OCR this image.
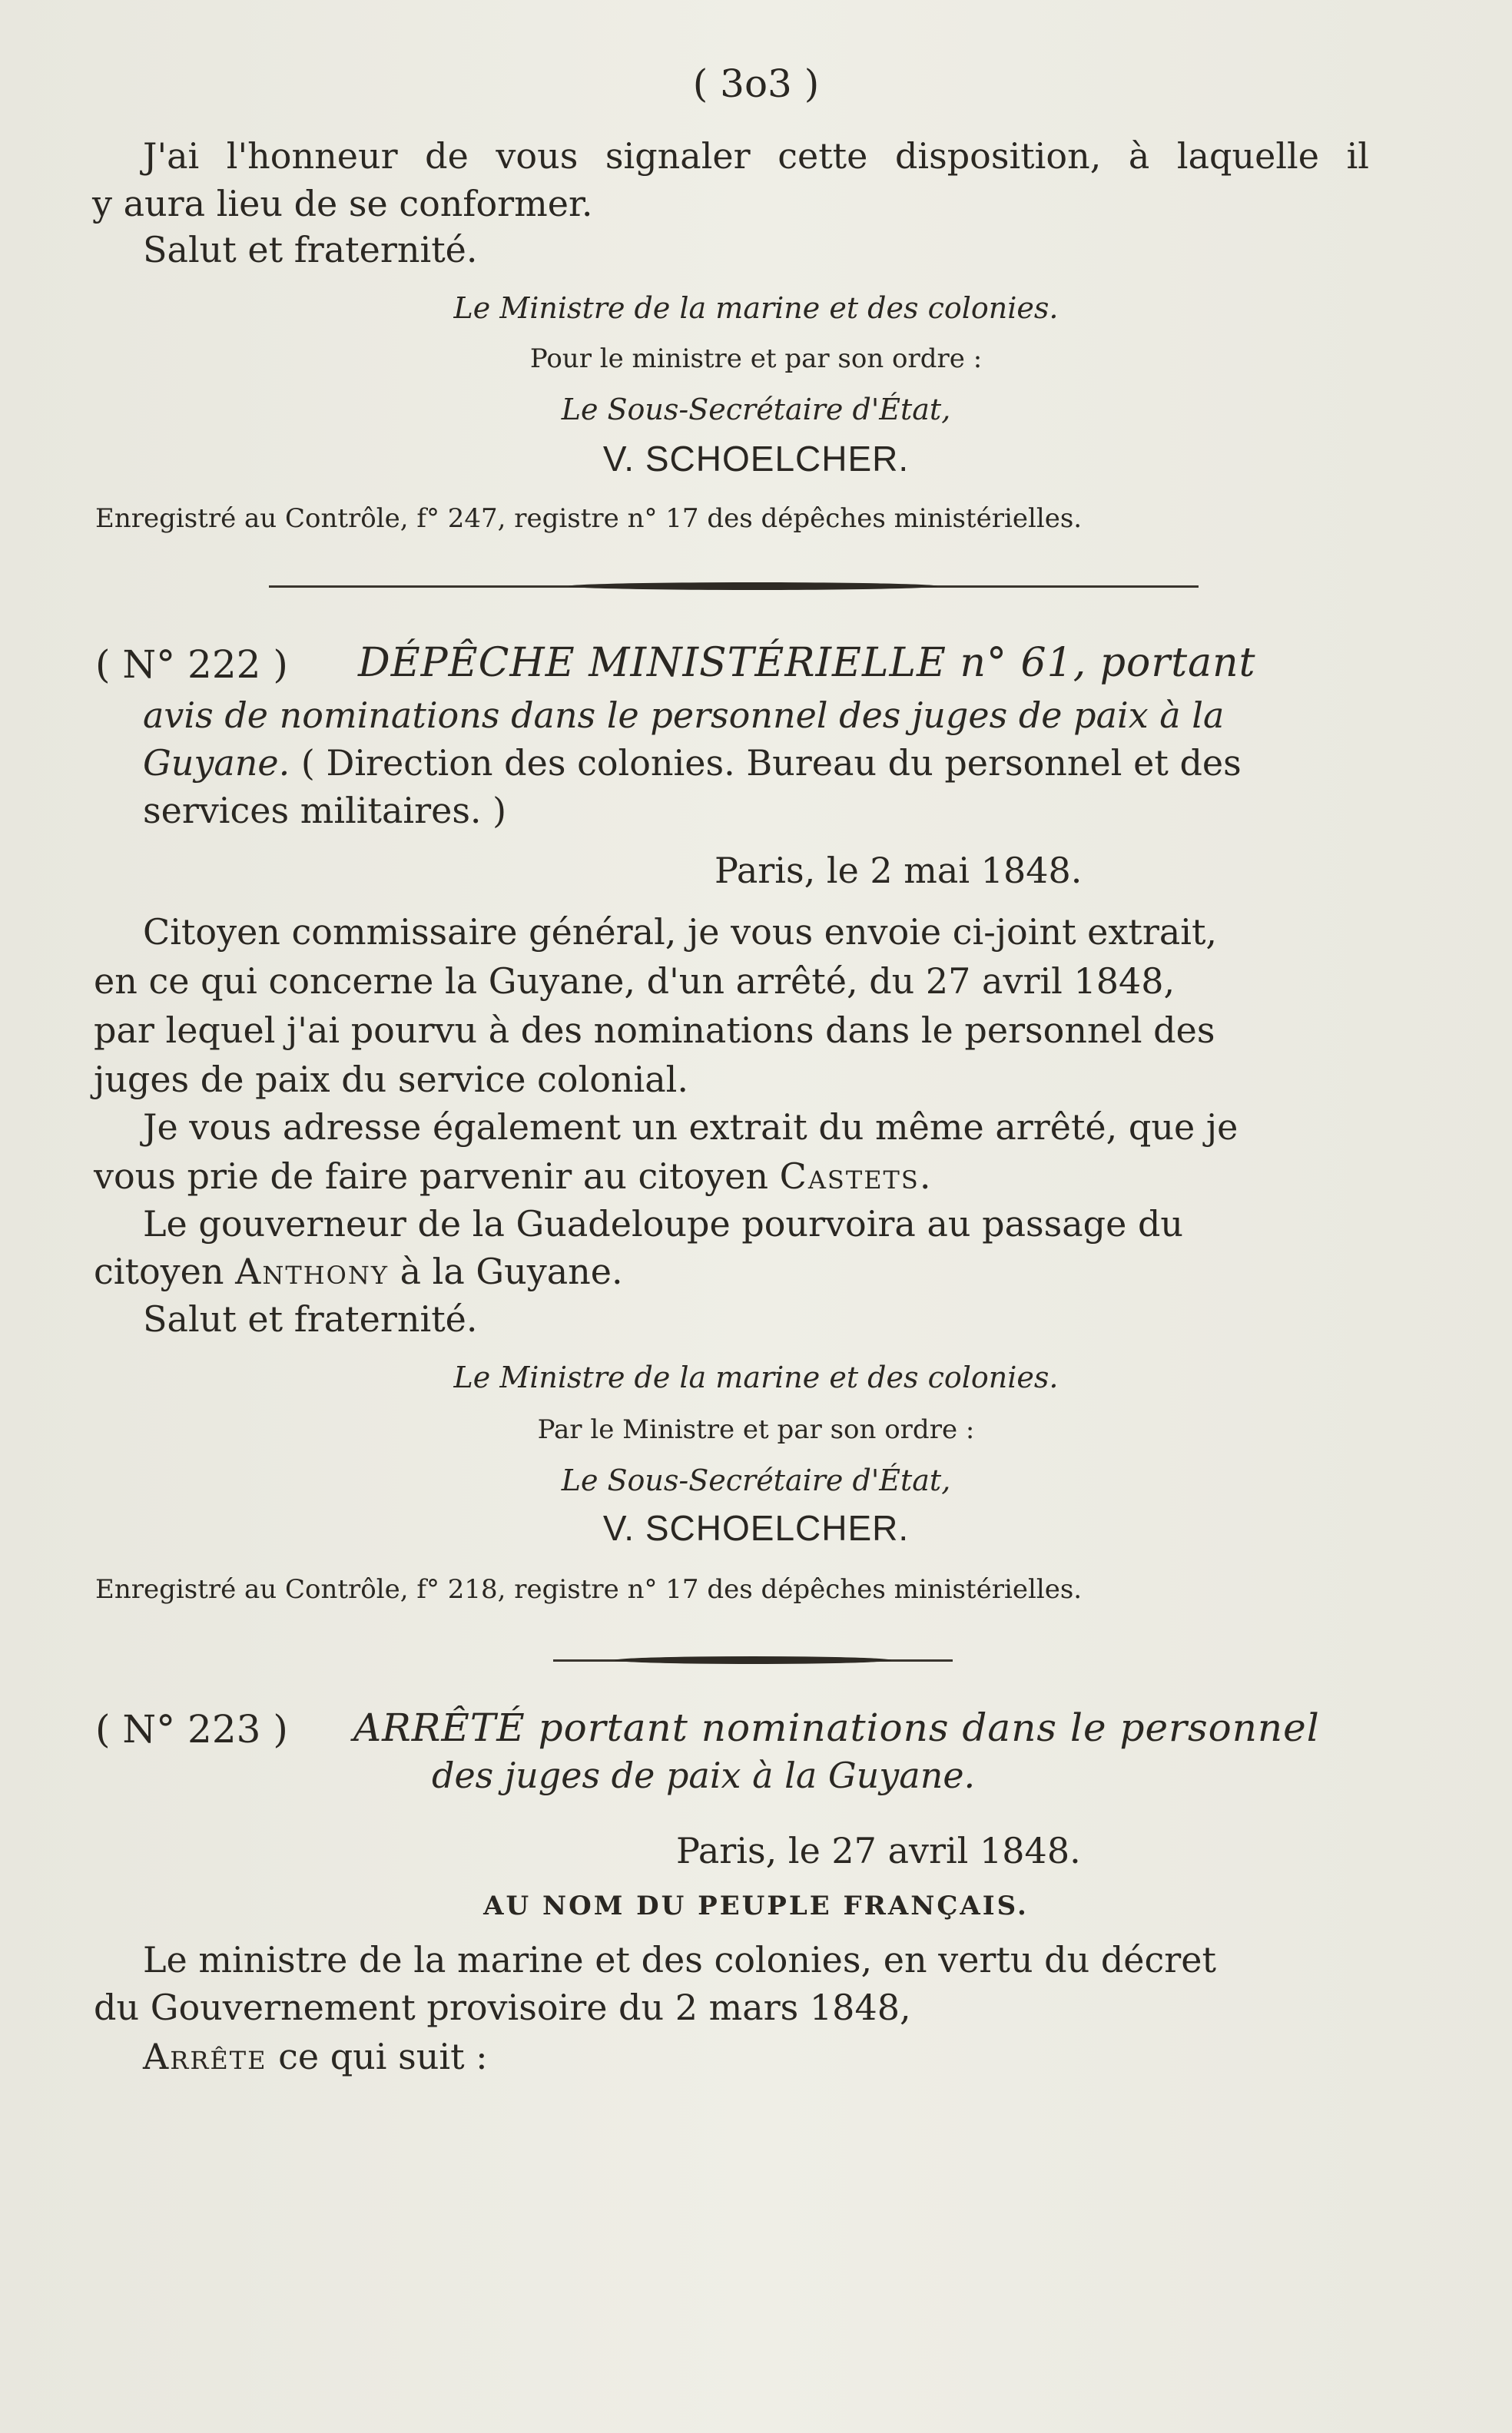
( 3o3 )
J'ai l'honneur de vous signaler cette disposition, à laquelle il
y aura lieu de se conformer.
Salut et fraternité.
Le Ministre de la marine et des colonies.
Pour le ministre et par son ordre :
Le Sous-Secrétaire d'État,
V. SCHOELCHER.
Enregistré au Contrôle, f° 247, registre n° 17 des dépêches ministérielles.
( N° 222 ) DÉPÊCHE MINISTÉRIELLE n° 61, portant
avis de nominations dans le personnel des juges de paix à la
Guyane. ( Direction des colonies. Bureau du personnel et des
services militaires. )
Paris, le 2 mai 1848.
Citoyen commissaire général, je vous envoie ci-joint extrait,
en ce qui concerne la Guyane, d'un arrêté, du 27 avril 1848,
par lequel j'ai pourvu à des nominations dans le personnel des
juges de paix du service colonial.
Je vous adresse également un extrait du même arrêté, que je
vous prie de faire parvenir au citoyen Castets.
Le gouverneur de la Guadeloupe pourvoira au passage du
citoyen Anthony à la Guyane.
Salut et fraternité.
Le Ministre de la marine et des colonies.
Par le Ministre et par son ordre :
Le Sous-Secrétaire d'État,
V. SCHOELCHER.
Enregistré au Contrôle, f° 218, registre n° 17 des dépêches ministérielles.
( N° 223 ) ARRÊTÉ portant nominations dans le personnel
des juges de paix à la Guyane.
Paris, le 27 avril 1848.
AU NOM DU PEUPLE FRANÇAIS.
Le ministre de la marine et des colonies, en vertu du décret
du Gouvernement provisoire du 2 mars 1848,
Arrête ce qui suit :
